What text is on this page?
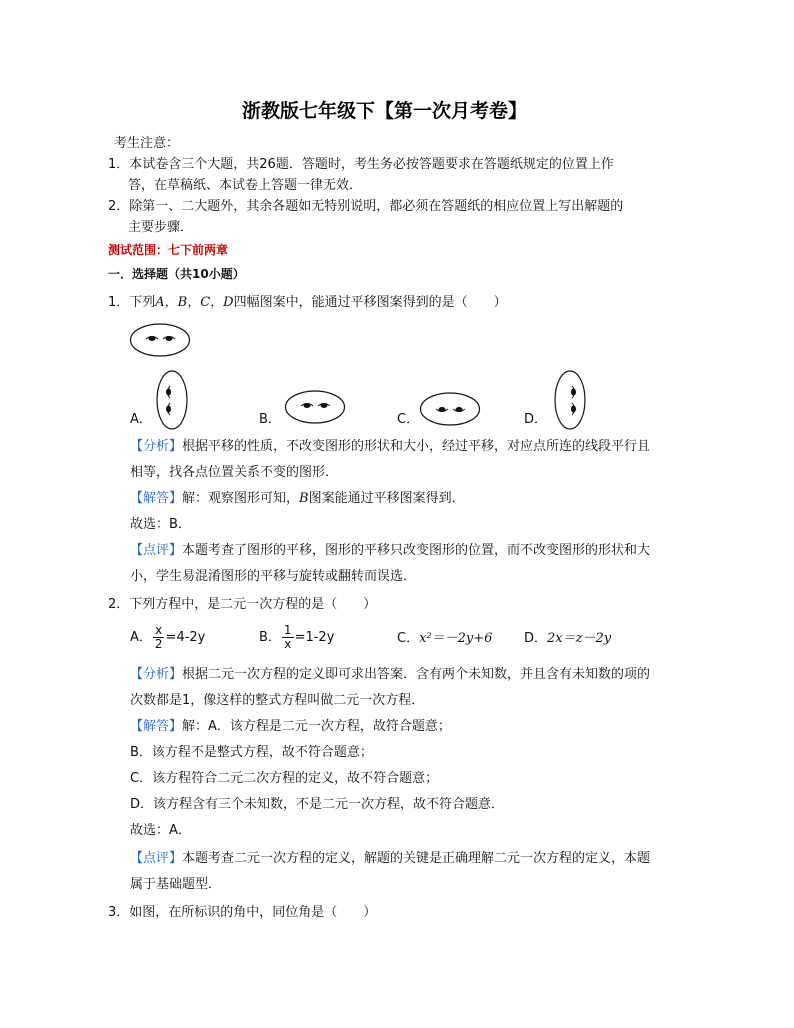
浙教版七年级下【第一次月考卷】
考生注意：
1．本试卷含三个大题，共26题．答题时，考生务必按答题要求在答题纸规定的位置上作
答，在草稿纸、本试卷上答题一律无效．
2．除第一、二大题外，其余各题如无特别说明，都必须在答题纸的相应位置上写出解题的
主要步骤．
测试范围：七下前两章
一．选择题（共10小题）
1．下列A，B，C，D四幅图案中，能通过平移图案得到的是（　　）
A．	B．	C．	D．
【分析】根据平移的性质，不改变图形的形状和大小，经过平移，对应点所连的线段平行且
相等，找各点位置关系不变的图形．
【解答】解：观察图形可知，B图案能通过平移图案得到．
故选：B．
【点评】本题考查了图形的平移，图形的平移只改变图形的位置，而不改变图形的形状和大
小，学生易混淆图形的平移与旋转或翻转而误选．
2．下列方程中，是二元一次方程的是（　　）
A． $\frac{x}{2} =4-2y$	B． $\frac{1}{x} =1-2y$	C．x²＝－2y+6 D．2x＝z－2y
【分析】根据二元一次方程的定义即可求出答案．含有两个未知数，并且含有未知数的项的
次数都是1，像这样的整式方程叫做二元一次方程．
【解答】解：A．该方程是二元一次方程，故符合题意；
B．该方程不是整式方程，故不符合题意；
C．该方程符合二元二次方程的定义，故不符合题意；
D．该方程含有三个未知数，不是二元一次方程，故不符合题意．
故选：A．
【点评】本题考查二元一次方程的定义，解题的关键是正确理解二元一次方程的定义，本题
属于基础题型．
3．如图，在所标识的角中，同位角是（　　）
